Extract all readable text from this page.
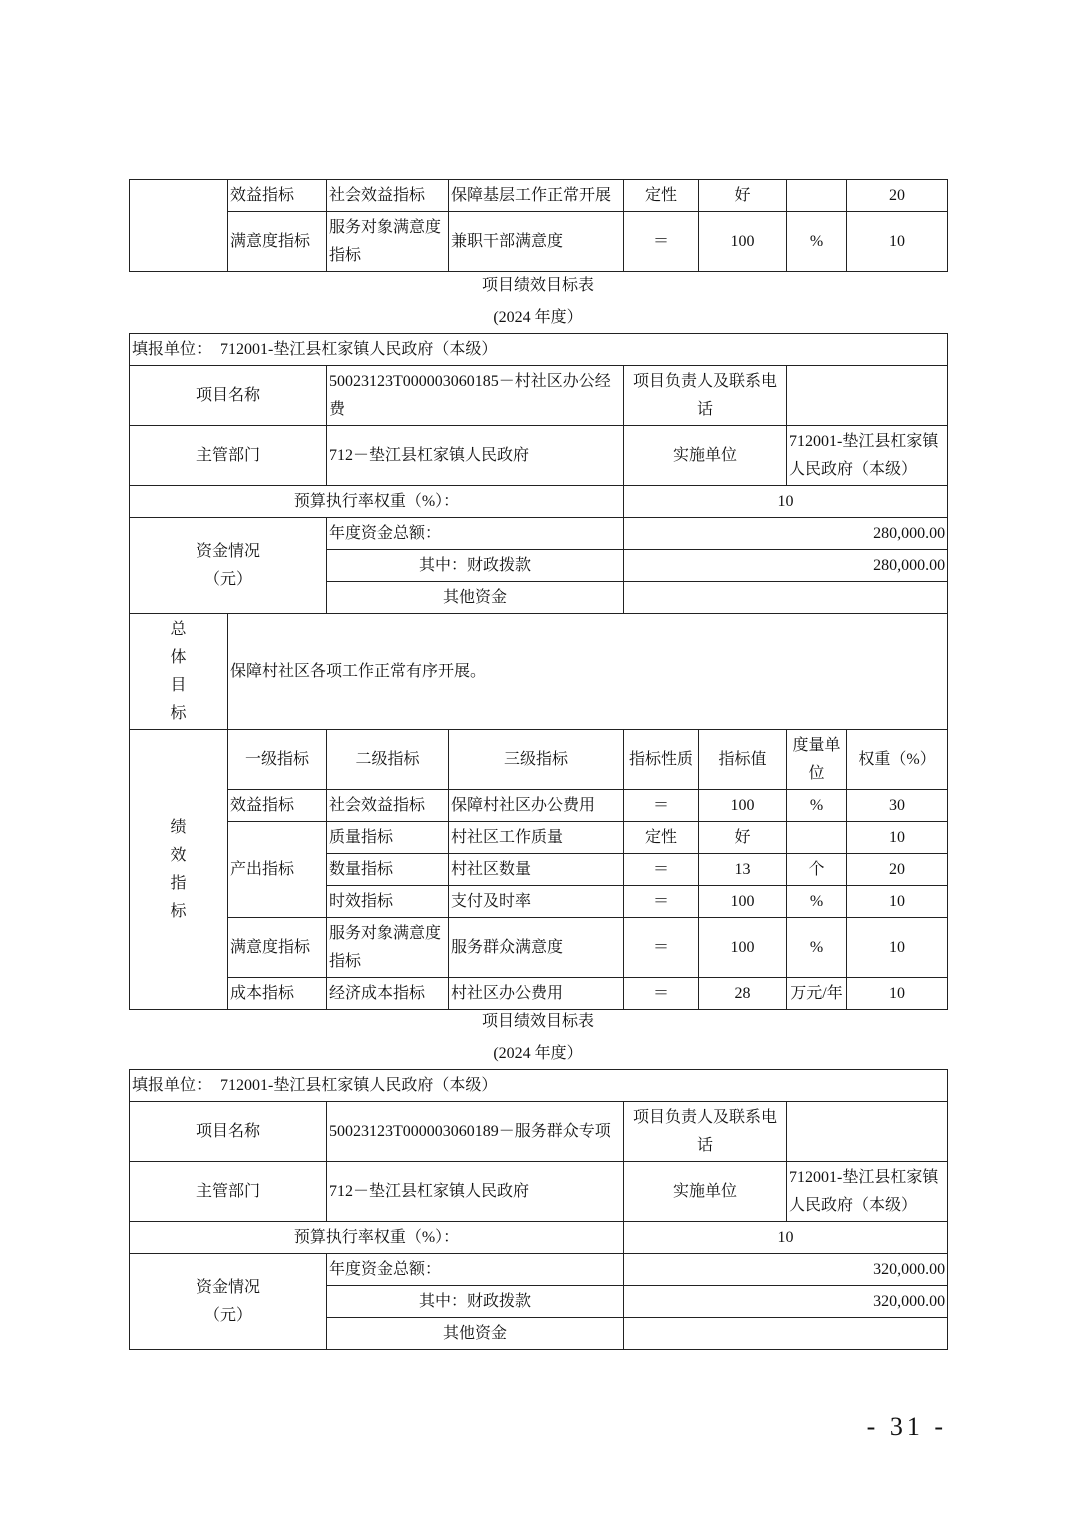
	效益指标	社会效益指标	保障基层工作正常开展	定性	好		20
	满意度指标	服务对象满意度指标	兼职干部满意度	＝	100	%	10
项目绩效目标表
(2024 年度）
填报单位：　712001-垫江县杠家镇人民政府（本级）							
项目名称		50023123T000003060185－村社区办公经费		项目负责人及联系电话			
主管部门		712－垫江县杠家镇人民政府		实施单位		712001-垫江县杠家镇人民政府（本级）	
预算执行率权重（%）：				10			

资金情况
（元）		年度资金总额：		280,000.00			
		其中：财政拨款		280,000.00			
		其他资金					

总
体
目
标	保障村社区各项工作正常有序开展。						

绩
效
指
标	一级指标	二级指标	三级指标	指标性质	指标值	度量单位	权重（%）
	效益指标	社会效益指标	保障村社区办公费用	＝	100	%	30
	产出指标	质量指标	村社区工作质量	定性	好		10
		数量指标	村社区数量	＝	13	个	20
		时效指标	支付及时率	＝	100	%	10
	满意度指标	服务对象满意度指标	服务群众满意度	＝	100	%	10
	成本指标	经济成本指标	村社区办公费用	＝	28	万元/年	10
项目绩效目标表
(2024 年度）
填报单位：　712001-垫江县杠家镇人民政府（本级）			
项目名称	50023123T000003060189－服务群众专项	项目负责人及联系电话	
主管部门	712－垫江县杠家镇人民政府	实施单位	712001-垫江县杠家镇人民政府（本级）
预算执行率权重（%）：		10	

资金情况
（元）	年度资金总额：	320,000.00	
	其中：财政拨款	320,000.00	
	其他资金		
- 31 -
